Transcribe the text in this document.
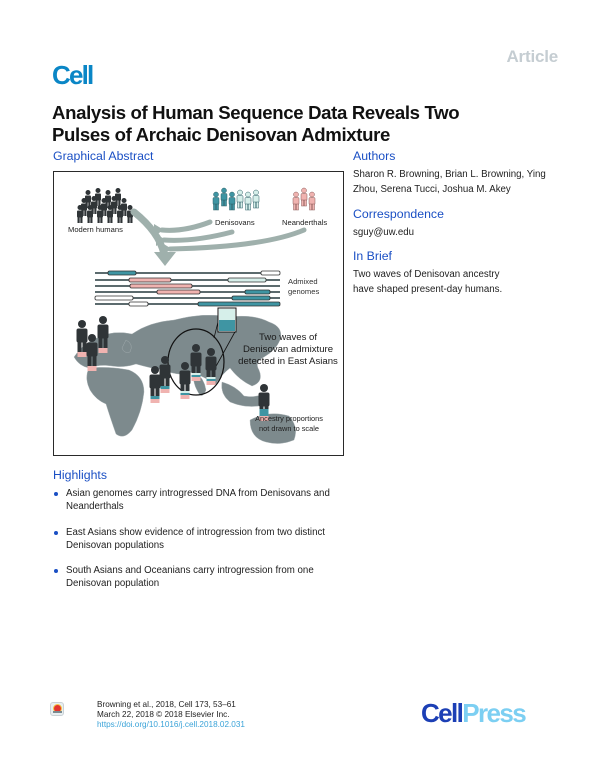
Article
Cell
Analysis of Human Sequence Data Reveals Two Pulses of Archaic Denisovan Admixture
Graphical Abstract
Modern humans
Denisovans	Neanderthals
Admixed
genomes
Two waves of
Denisovan admixture
detected in East Asians
Ancestry proportions
not drawn to scale
Authors
Sharon R. Browning, Brian L. Browning, Ying Zhou, Serena Tucci, Joshua M. Akey
Correspondence
sguy@uw.edu
In Brief
Two waves of Denisovan ancestry have shaped present-day humans.
Highlights
Asian genomes carry introgressed DNA from Denisovans and Neanderthals
East Asians show evidence of introgression from two distinct Denisovan populations
South Asians and Oceanians carry introgression from one Denisovan population
Browning et al., 2018, Cell 173, 53–61
March 22, 2018 © 2018 Elsevier Inc.
https://doi.org/10.1016/j.cell.2018.02.031	CellPress
